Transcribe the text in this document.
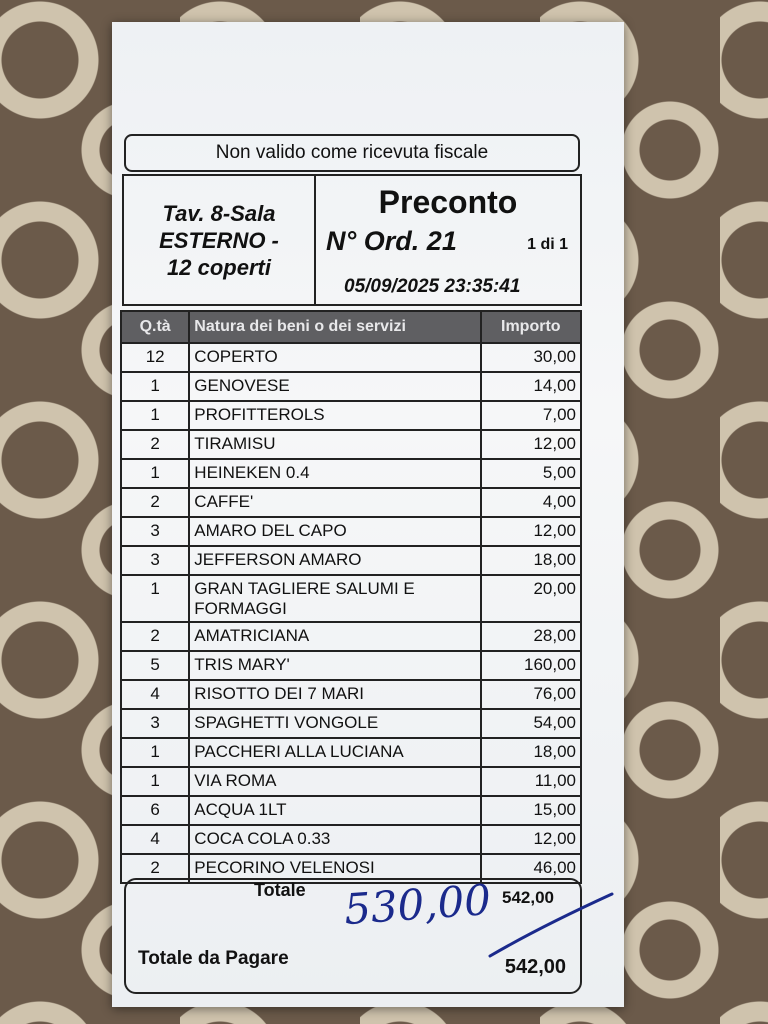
Non valido come ricevuta fiscale
Tav. 8-Sala
ESTERNO -
12 coperti
Preconto
N° Ord. 21	1 di 1
05/09/2025 23:35:41
Q.tà	Natura dei beni o dei servizi	Importo
12	COPERTO	30,00
1	GENOVESE	14,00
1	PROFITTEROLS	7,00
2	TIRAMISU	12,00
1	HEINEKEN 0.4	5,00
2	CAFFE'	4,00
3	AMARO DEL CAPO	12,00
3	JEFFERSON AMARO	18,00
1	GRAN TAGLIERE SALUMI E FORMAGGI	20,00
2	AMATRICIANA	28,00
5	TRIS MARY'	160,00
4	RISOTTO DEI 7 MARI	76,00
3	SPAGHETTI VONGOLE	54,00
1	PACCHERI ALLA LUCIANA	18,00
1	VIA ROMA	11,00
6	ACQUA 1LT	15,00
4	COCA COLA 0.33	12,00
2	PECORINO VELENOSI	46,00
Totale 530,00 542,00
Totale da Pagare	542,00
